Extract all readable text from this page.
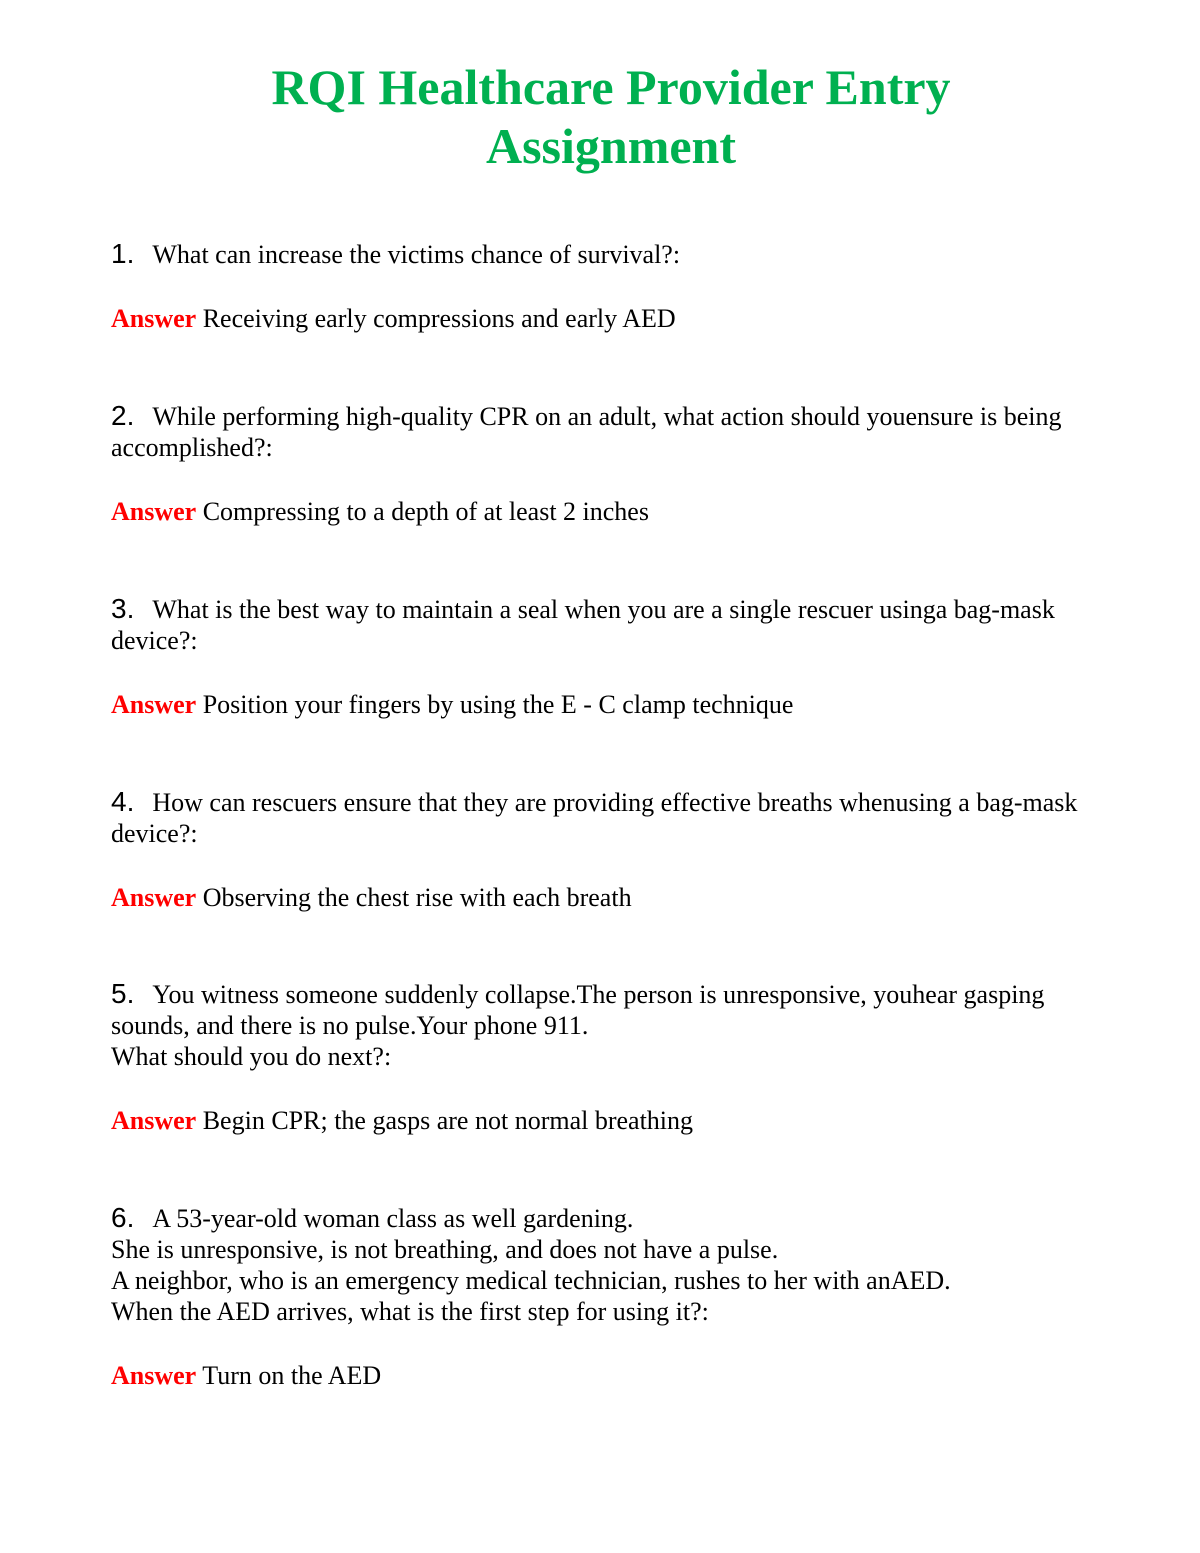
RQI Healthcare Provider Entry
Assignment

1. What can increase the victims chance of survival?:

Answer Receiving early compressions and early AED

2. While performing high-quality CPR on an adult, what action should youensure is being accomplished?:

Answer Compressing to a depth of at least 2 inches

3. What is the best way to maintain a seal when you are a single rescuer usinga bag-mask device?:

Answer Position your fingers by using the E - C clamp technique

4. How can rescuers ensure that they are providing effective breaths whenusing a bag-mask device?:

Answer Observing the chest rise with each breath

5. You witness someone suddenly collapse.The person is unresponsive, youhear gasping sounds, and there is no pulse.Your phone 911.
What should you do next?:

Answer Begin CPR; the gasps are not normal breathing

6. A 53-year-old woman class as well gardening.
She is unresponsive, is not breathing, and does not have a pulse.
A neighbor, who is an emergency medical technician, rushes to her with anAED.
When the AED arrives, what is the first step for using it?:

Answer Turn on the AED
